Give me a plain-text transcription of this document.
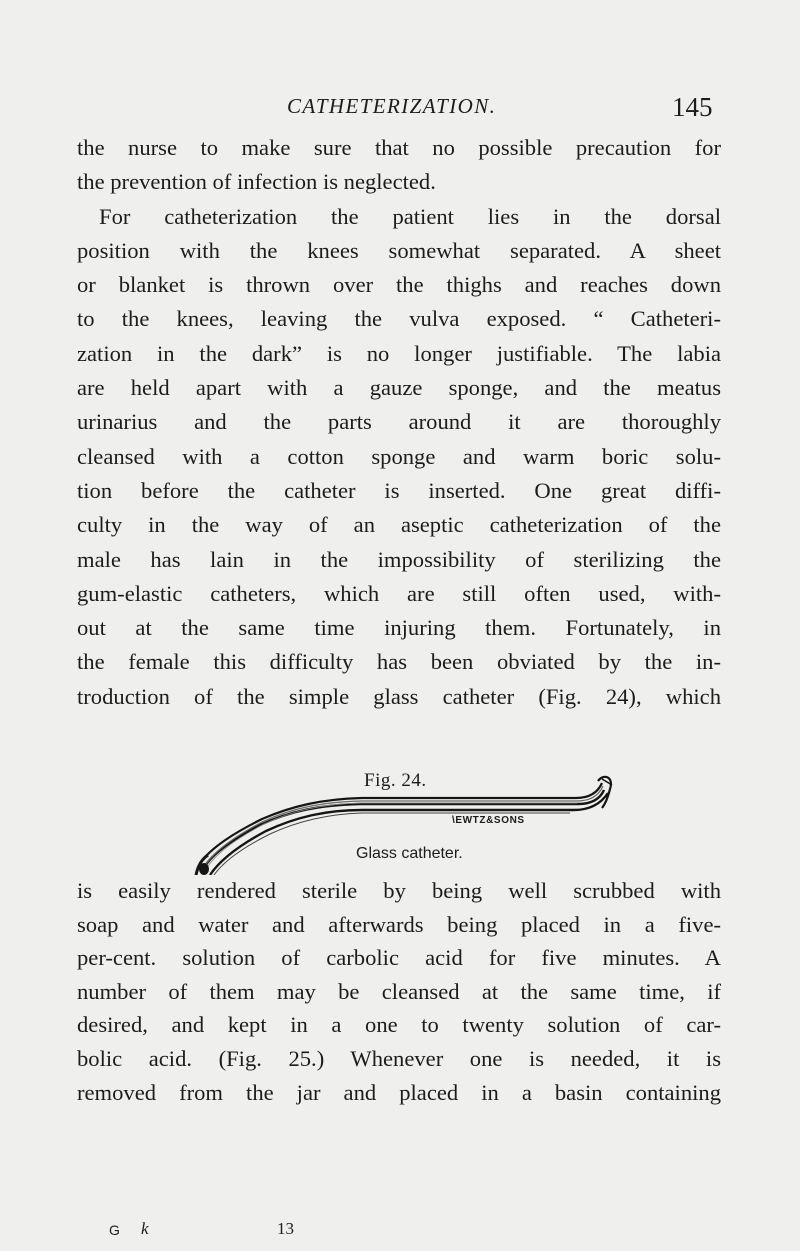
CATHETERIZATION.	145

the nurse to make sure that no possible precaution for

the prevention of infection is neglected.

For catheterization the patient lies in the dorsal

position with the knees somewhat separated. A sheet

or blanket is thrown over the thighs and reaches down

to the knees, leaving the vulva exposed. “ Catheteri-

zation in the dark” is no longer justifiable. The labia

are held apart with a gauze sponge, and the meatus

urinarius and the parts around it are thoroughly

cleansed with a cotton sponge and warm boric solu-

tion before the catheter is inserted. One great diffi-

culty in the way of an aseptic catheterization of the

male has lain in the impossibility of sterilizing the

gum-elastic catheters, which are still often used, with-

out at the same time injuring them. Fortunately, in

the female this difficulty has been obviated by the in-

troduction of the simple glass catheter (Fig. 24), which

Fig. 24.
\EWTZ&SONS
Glass catheter.

is easily rendered sterile by being well scrubbed with

soap and water and afterwards being placed in a five-

per-cent. solution of carbolic acid for five minutes. A

number of them may be cleansed at the same time, if

desired, and kept in a one to twenty solution of car-

bolic acid. (Fig. 25.) Whenever one is needed, it is

removed from the jar and placed in a basin containing

G k	13
